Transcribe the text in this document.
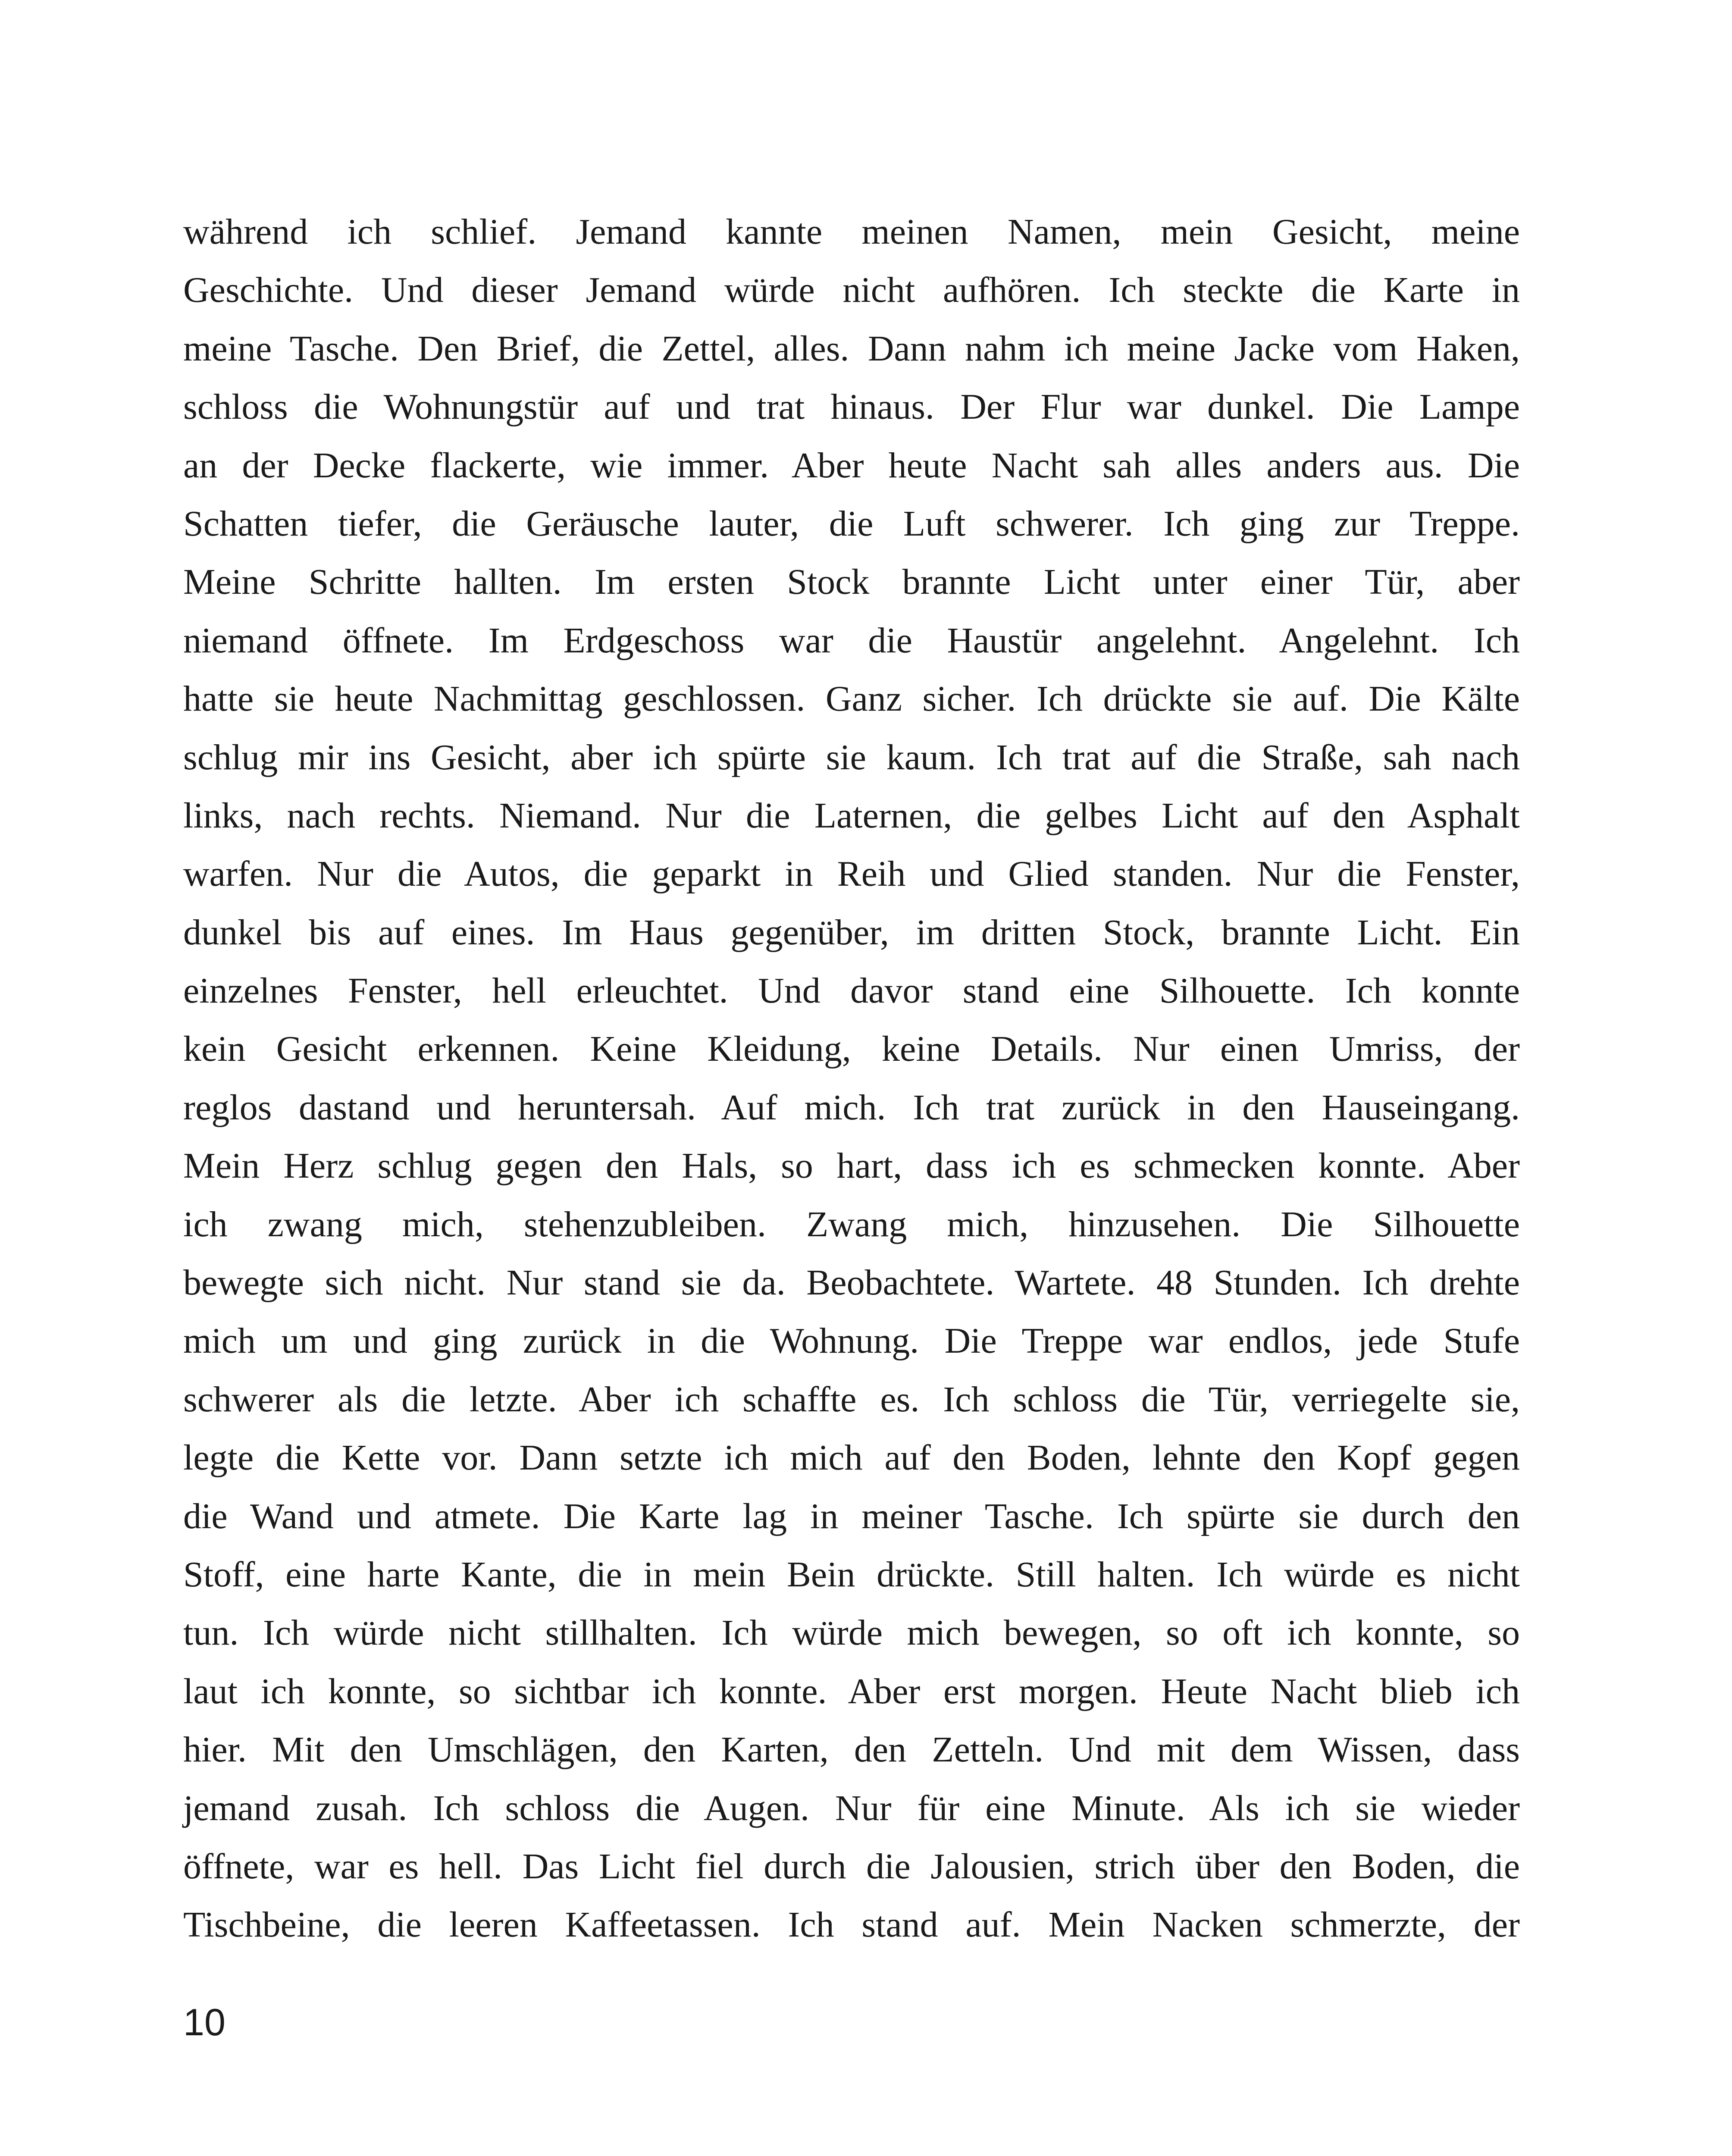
während ich schlief. Jemand kannte meinen Namen, mein Gesicht, meine
Geschichte. Und dieser Jemand würde nicht aufhören. Ich steckte die Karte in
meine Tasche. Den Brief, die Zettel, alles. Dann nahm ich meine Jacke vom Haken,
schloss die Wohnungstür auf und trat hinaus. Der Flur war dunkel. Die Lampe
an der Decke flackerte, wie immer. Aber heute Nacht sah alles anders aus. Die
Schatten tiefer, die Geräusche lauter, die Luft schwerer. Ich ging zur Treppe.
Meine Schritte hallten. Im ersten Stock brannte Licht unter einer Tür, aber
niemand öffnete. Im Erdgeschoss war die Haustür angelehnt. Angelehnt. Ich
hatte sie heute Nachmittag geschlossen. Ganz sicher. Ich drückte sie auf. Die Kälte
schlug mir ins Gesicht, aber ich spürte sie kaum. Ich trat auf die Straße, sah nach
links, nach rechts. Niemand. Nur die Laternen, die gelbes Licht auf den Asphalt
warfen. Nur die Autos, die geparkt in Reih und Glied standen. Nur die Fenster,
dunkel bis auf eines. Im Haus gegenüber, im dritten Stock, brannte Licht. Ein
einzelnes Fenster, hell erleuchtet. Und davor stand eine Silhouette. Ich konnte
kein Gesicht erkennen. Keine Kleidung, keine Details. Nur einen Umriss, der
reglos dastand und heruntersah. Auf mich. Ich trat zurück in den Hauseingang.
Mein Herz schlug gegen den Hals, so hart, dass ich es schmecken konnte. Aber
ich zwang mich, stehenzubleiben. Zwang mich, hinzusehen. Die Silhouette
bewegte sich nicht. Nur stand sie da. Beobachtete. Wartete. 48 Stunden. Ich drehte
mich um und ging zurück in die Wohnung. Die Treppe war endlos, jede Stufe
schwerer als die letzte. Aber ich schaffte es. Ich schloss die Tür, verriegelte sie,
legte die Kette vor. Dann setzte ich mich auf den Boden, lehnte den Kopf gegen
die Wand und atmete. Die Karte lag in meiner Tasche. Ich spürte sie durch den
Stoff, eine harte Kante, die in mein Bein drückte. Still halten. Ich würde es nicht
tun. Ich würde nicht stillhalten. Ich würde mich bewegen, so oft ich konnte, so
laut ich konnte, so sichtbar ich konnte. Aber erst morgen. Heute Nacht blieb ich
hier. Mit den Umschlägen, den Karten, den Zetteln. Und mit dem Wissen, dass
jemand zusah. Ich schloss die Augen. Nur für eine Minute. Als ich sie wieder
öffnete, war es hell. Das Licht fiel durch die Jalousien, strich über den Boden, die
Tischbeine, die leeren Kaffeetassen. Ich stand auf. Mein Nacken schmerzte, der
10
